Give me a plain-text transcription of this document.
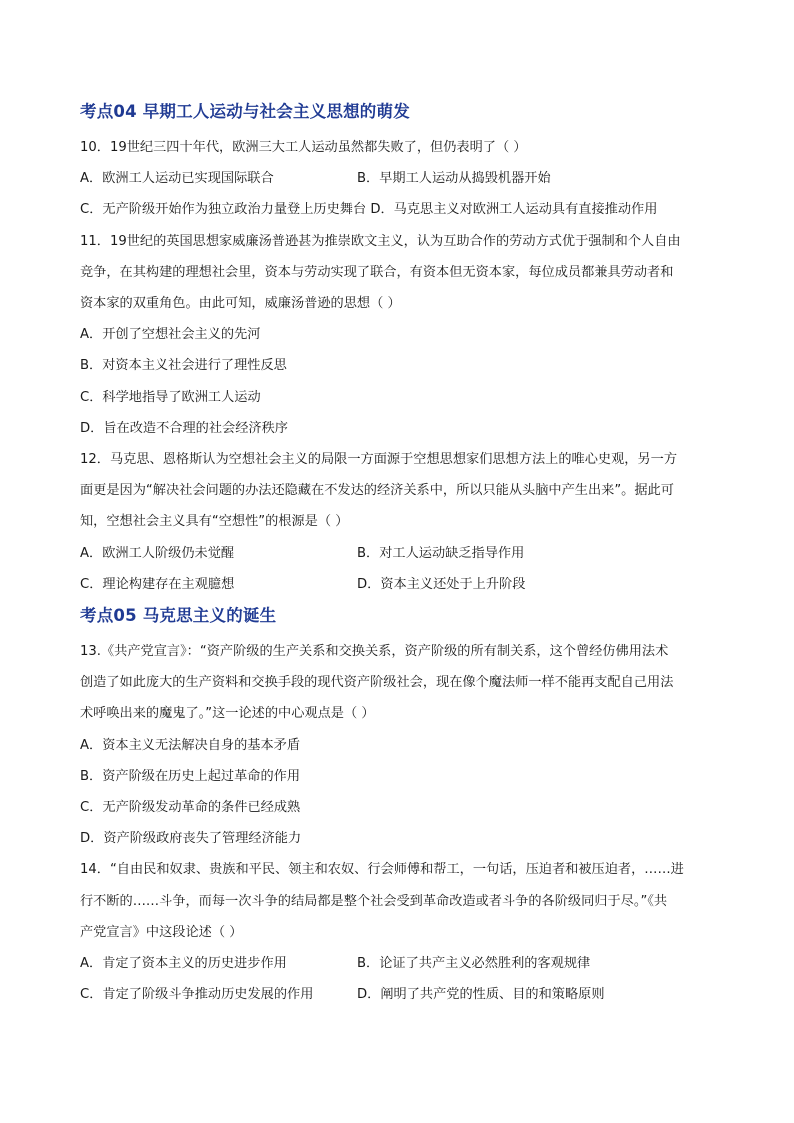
考点04 早期工人运动与社会主义思想的萌发
10．19世纪三四十年代，欧洲三大工人运动虽然都失败了，但仍表明了（ ）
A．欧洲工人运动已实现国际联合	B．早期工人运动从捣毁机器开始
C．无产阶级开始作为独立政治力量登上历史舞台 D．马克思主义对欧洲工人运动具有直接推动作用
11．19世纪的英国思想家威廉汤普逊甚为推崇欧文主义，认为互助合作的劳动方式优于强制和个人自由
竞争，在其构建的理想社会里，资本与劳动实现了联合，有资本但无资本家，每位成员都兼具劳动者和
资本家的双重角色。由此可知，威廉汤普逊的思想（ ）
A．开创了空想社会主义的先河
B．对资本主义社会进行了理性反思
C．科学地指导了欧洲工人运动
D．旨在改造不合理的社会经济秩序
12．马克思、恩格斯认为空想社会主义的局限一方面源于空想思想家们思想方法上的唯心史观，另一方
面更是因为“解决社会问题的办法还隐藏在不发达的经济关系中，所以只能从头脑中产生出来”。据此可
知，空想社会主义具有“空想性”的根源是（ ）
A．欧洲工人阶级仍未觉醒	B．对工人运动缺乏指导作用
C．理论构建存在主观臆想	D．资本主义还处于上升阶段
考点05 马克思主义的诞生
13.《共产党宣言》：“资产阶级的生产关系和交换关系，资产阶级的所有制关系，这个曾经仿佛用法术
创造了如此庞大的生产资料和交换手段的现代资产阶级社会，现在像个魔法师一样不能再支配自己用法
术呼唤出来的魔鬼了。”这一论述的中心观点是（ ）
A．资本主义无法解决自身的基本矛盾
B．资产阶级在历史上起过革命的作用
C．无产阶级发动革命的条件已经成熟
D．资产阶级政府丧失了管理经济能力
14．“自由民和奴隶、贵族和平民、领主和农奴、行会师傅和帮工，一句话，压迫者和被压迫者，……进
行不断的……斗争，而每一次斗争的结局都是整个社会受到革命改造或者斗争的各阶级同归于尽。”《共
产党宣言》中这段论述（ ）
A．肯定了资本主义的历史进步作用	B．论证了共产主义必然胜利的客观规律
C．肯定了阶级斗争推动历史发展的作用	D．阐明了共产党的性质、目的和策略原则
